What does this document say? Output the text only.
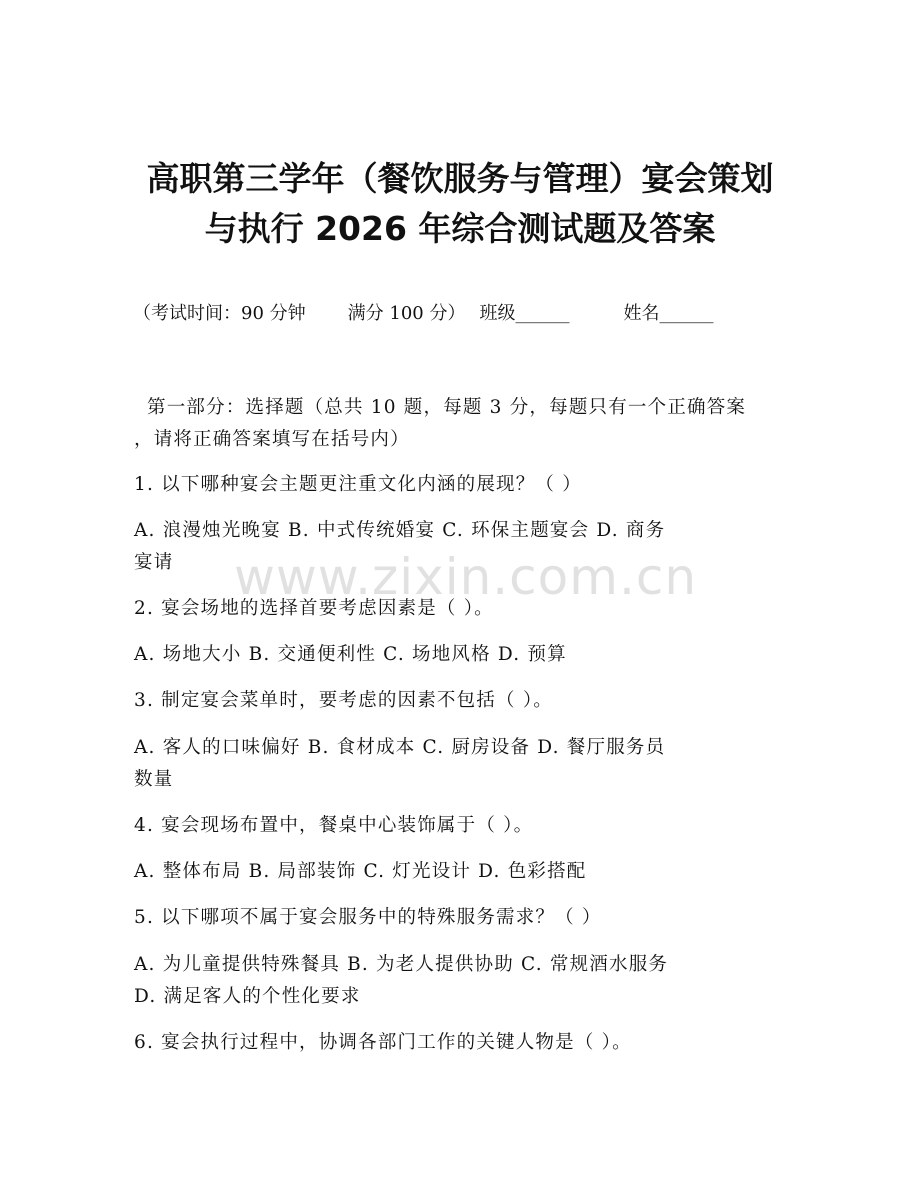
高职第三学年（餐饮服务与管理）宴会策划
与执行 2026 年综合测试题及答案
（考试时间：90 分钟 满分 100 分） 班级______	姓名______
第一部分：选择题（总共 10 题，每题 3 分，每题只有一个正确答案
，请将正确答案填写在括号内）
1. 以下哪种宴会主题更注重文化内涵的展现？（ ）
A. 浪漫烛光晚宴 B. 中式传统婚宴 C. 环保主题宴会 D. 商务
宴请
2. 宴会场地的选择首要考虑因素是（ ）。
A. 场地大小 B. 交通便利性 C. 场地风格 D. 预算
3. 制定宴会菜单时，要考虑的因素不包括（ ）。
A. 客人的口味偏好 B. 食材成本 C. 厨房设备 D. 餐厅服务员
数量
4. 宴会现场布置中，餐桌中心装饰属于（ ）。
A. 整体布局 B. 局部装饰 C. 灯光设计 D. 色彩搭配
5. 以下哪项不属于宴会服务中的特殊服务需求？（ ）
A. 为儿童提供特殊餐具 B. 为老人提供协助 C. 常规酒水服务
D. 满足客人的个性化要求
6. 宴会执行过程中，协调各部门工作的关键人物是（ ）。
www.zixin.com.cn
